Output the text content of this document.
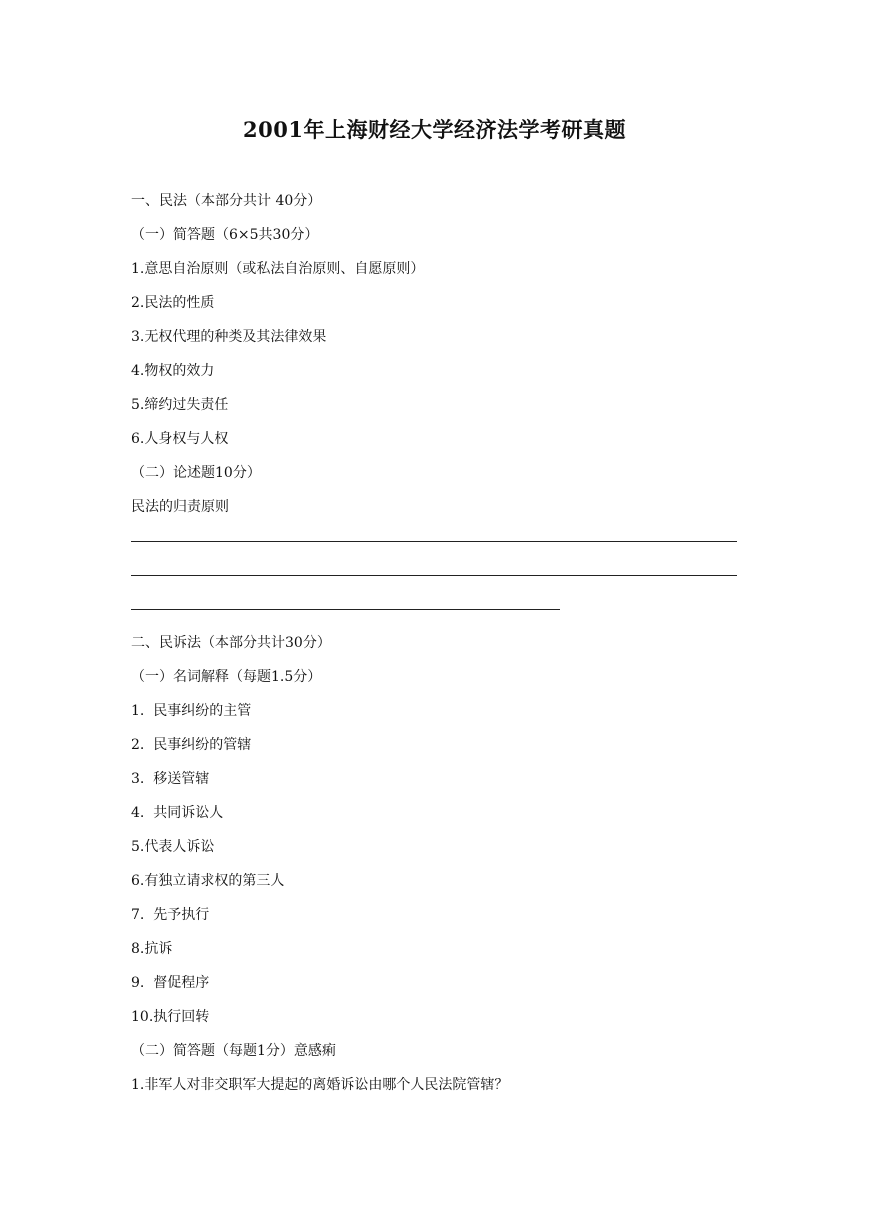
2001年上海财经大学经济法学考研真题
一、民法（本部分共计 40分）
（一）简答题（6×5共30分）
1.意思自治原则（或私法自治原则、自愿原则）
2.民法的性质
3.无权代理的种类及其法律效果
4.物权的效力
5.缔约过失责任
6.人身权与人权
（二）论述题10分）
民法的归责原则
二、民诉法（本部分共计30分）
（一）名词解释（每题1.5分）
1.  民事纠纷的主管
2.  民事纠纷的管辖
3.  移送管辖
4.  共同诉讼人
5.代表人诉讼
6.有独立请求权的第三人
7.  先予执行
8.抗诉
9.  督促程序
10.执行回转
（二）简答题（每题1分）意感痢
1.非军人对非交职军大提起的离婚诉讼由哪个人民法院管辖？
